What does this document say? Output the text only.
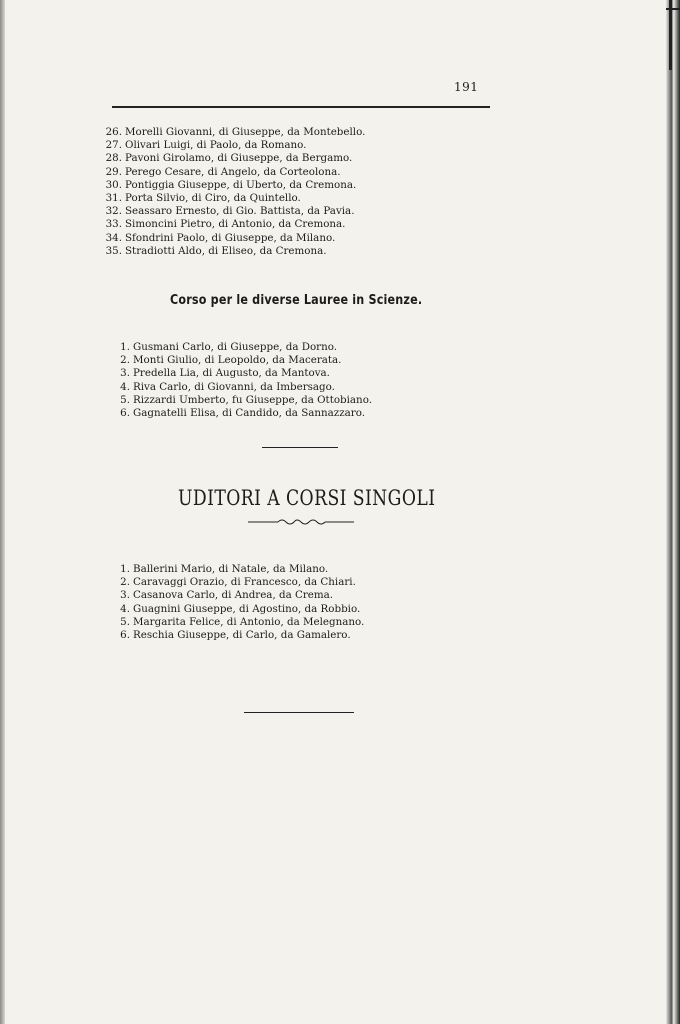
191
26. Morelli Giovanni, di Giuseppe, da Montebello.
27. Olivari Luigi, di Paolo, da Romano.
28. Pavoni Girolamo, di Giuseppe, da Bergamo.
29. Perego Cesare, di Angelo, da Corteolona.
30. Pontiggia Giuseppe, di Uberto, da Cremona.
31. Porta Silvio, di Ciro, da Quintello.
32. Seassaro Ernesto, di Gio. Battista, da Pavia.
33. Simoncini Pietro, di Antonio, da Cremona.
34. Sfondrini Paolo, di Giuseppe, da Milano.
35. Stradiotti Aldo, di Eliseo, da Cremona.
Corso per le diverse Lauree in Scienze.
1. Gusmani Carlo, di Giuseppe, da Dorno.
2. Monti Giulio, di Leopoldo, da Macerata.
3. Predella Lia, di Augusto, da Mantova.
4. Riva Carlo, di Giovanni, da Imbersago.
5. Rizzardi Umberto, fu Giuseppe, da Ottobiano.
6. Gagnatelli Elisa, di Candido, da Sannazzaro.
UDITORI A CORSI SINGOLI
1. Ballerini Mario, di Natale, da Milano.
2. Caravaggi Orazio, di Francesco, da Chiari.
3. Casanova Carlo, di Andrea, da Crema.
4. Guagnini Giuseppe, di Agostino, da Robbio.
5. Margarita Felice, di Antonio, da Melegnano.
6. Reschia Giuseppe, di Carlo, da Gamalero.
